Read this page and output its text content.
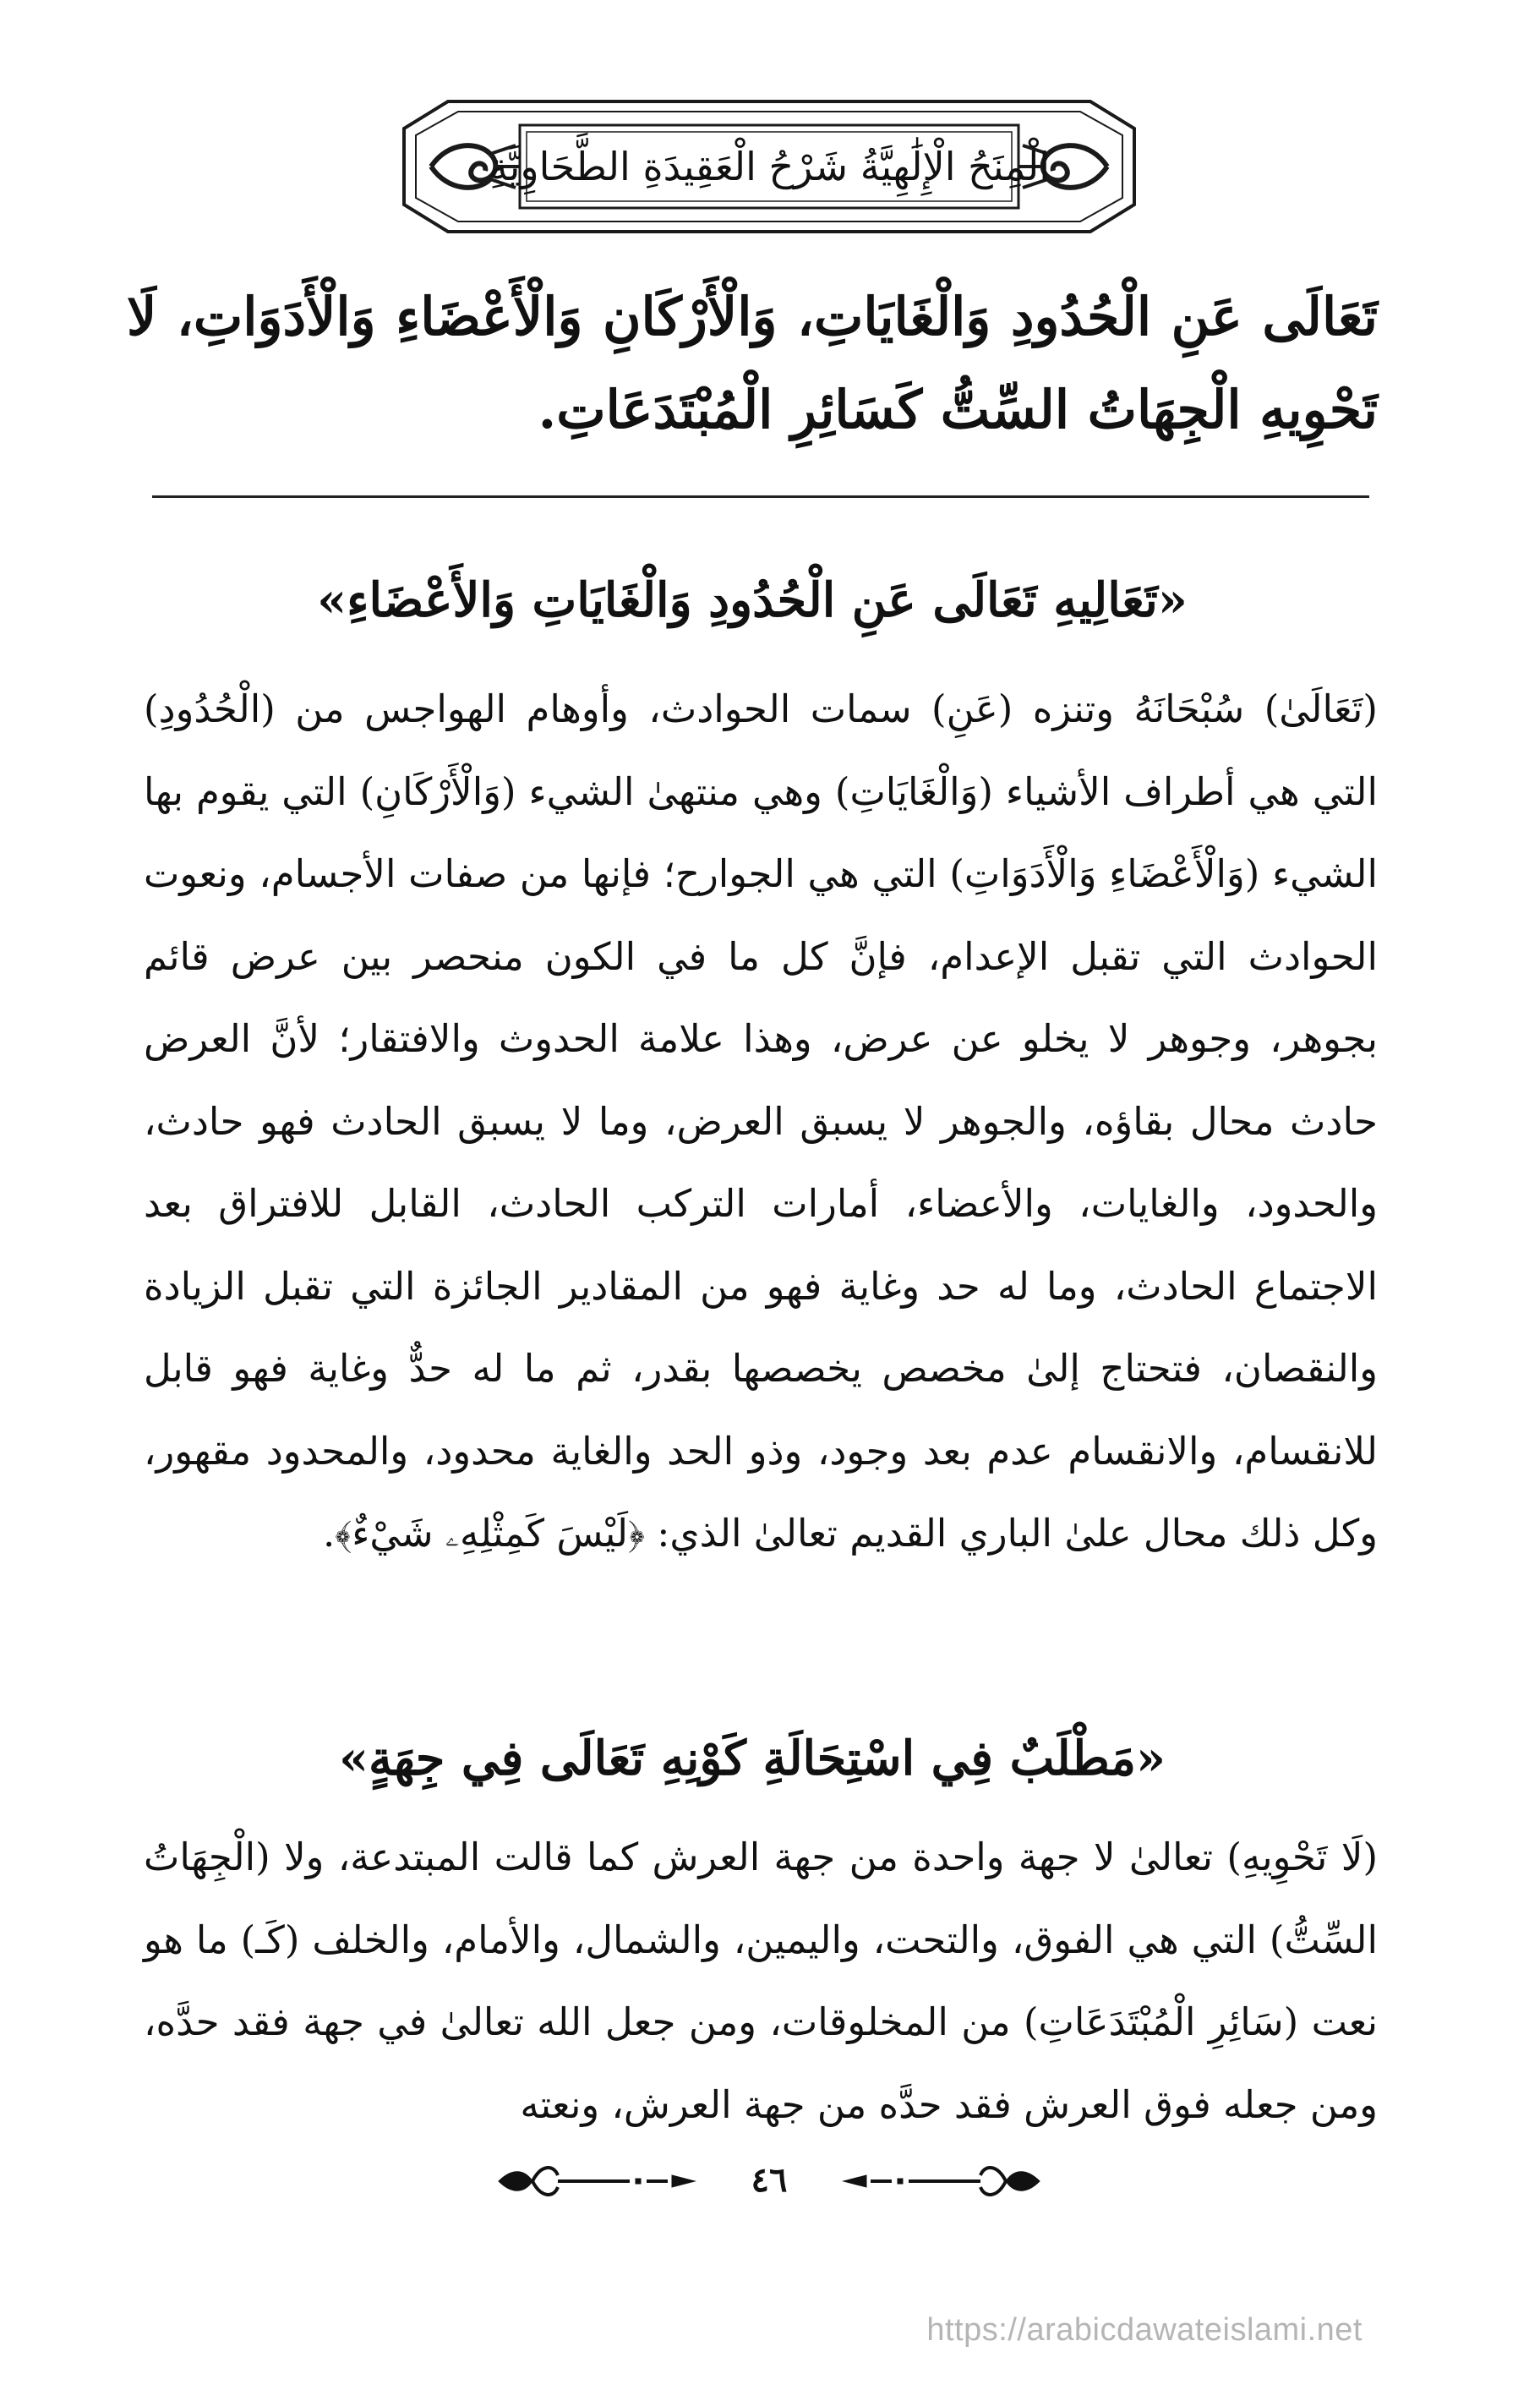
الْمِنَحُ الْإِلَٰهِيَّةُ شَرْحُ الْعَقِيدَةِ الطَّحَاوِيَّةِ
تَعَالَى عَنِ الْحُدُودِ وَالْغَايَاتِ، وَالْأَرْكَانِ وَالْأَعْضَاءِ وَالْأَدَوَاتِ، لَا تَحْوِيهِ الْجِهَاتُ السِّتُّ كَسَائِرِ الْمُبْتَدَعَاتِ.
«تَعَالِيهِ تَعَالَى عَنِ الْحُدُودِ وَالْغَايَاتِ وَالأَعْضَاءِ»
(تَعَالَىٰ) سُبْحَانَهُ وتنزه (عَنِ) سمات الحوادث، وأوهام الهواجس من (الْحُدُودِ) التي هي أطراف الأشياء (وَالْغَايَاتِ) وهي منتهىٰ الشيء (وَالْأَرْكَانِ) التي يقوم بها الشيء (وَالْأَعْضَاءِ وَالْأَدَوَاتِ) التي هي الجوارح؛ فإنها من صفات الأجسام، ونعوت الحوادث التي تقبل الإعدام، فإنَّ كل ما في الكون منحصر بين عرض قائم بجوهر، وجوهر لا يخلو عن عرض، وهذا علامة الحدوث والافتقار؛ لأنَّ العرض حادث محال بقاؤه، والجوهر لا يسبق العرض، وما لا يسبق الحادث فهو حادث، والحدود، والغايات، والأعضاء، أمارات التركب الحادث، القابل للافتراق بعد الاجتماع الحادث، وما له حد وغاية فهو من المقادير الجائزة التي تقبل الزيادة والنقصان، فتحتاج إلىٰ مخصص يخصصها بقدر، ثم ما له حدٌّ وغاية فهو قابل للانقسام، والانقسام عدم بعد وجود، وذو الحد والغاية محدود، والمحدود مقهور، وكل ذلك محال علىٰ الباري القديم تعالىٰ الذي: ﴿لَيْسَ كَمِثْلِهِۦ شَيْءٌ﴾.
«مَطْلَبٌ فِي اسْتِحَالَةِ كَوْنِهِ تَعَالَى فِي جِهَةٍ»
(لَا تَحْوِيهِ) تعالىٰ لا جهة واحدة من جهة العرش كما قالت المبتدعة، ولا (الْجِهَاتُ السِّتُّ) التي هي الفوق، والتحت، واليمين، والشمال، والأمام، والخلف (كَـ) ما هو نعت (سَائِرِ الْمُبْتَدَعَاتِ) من المخلوقات، ومن جعل الله تعالىٰ في جهة فقد حدَّه، ومن جعله فوق العرش فقد حدَّه من جهة العرش، ونعته
٤٦
https://arabicdawateislami.net
